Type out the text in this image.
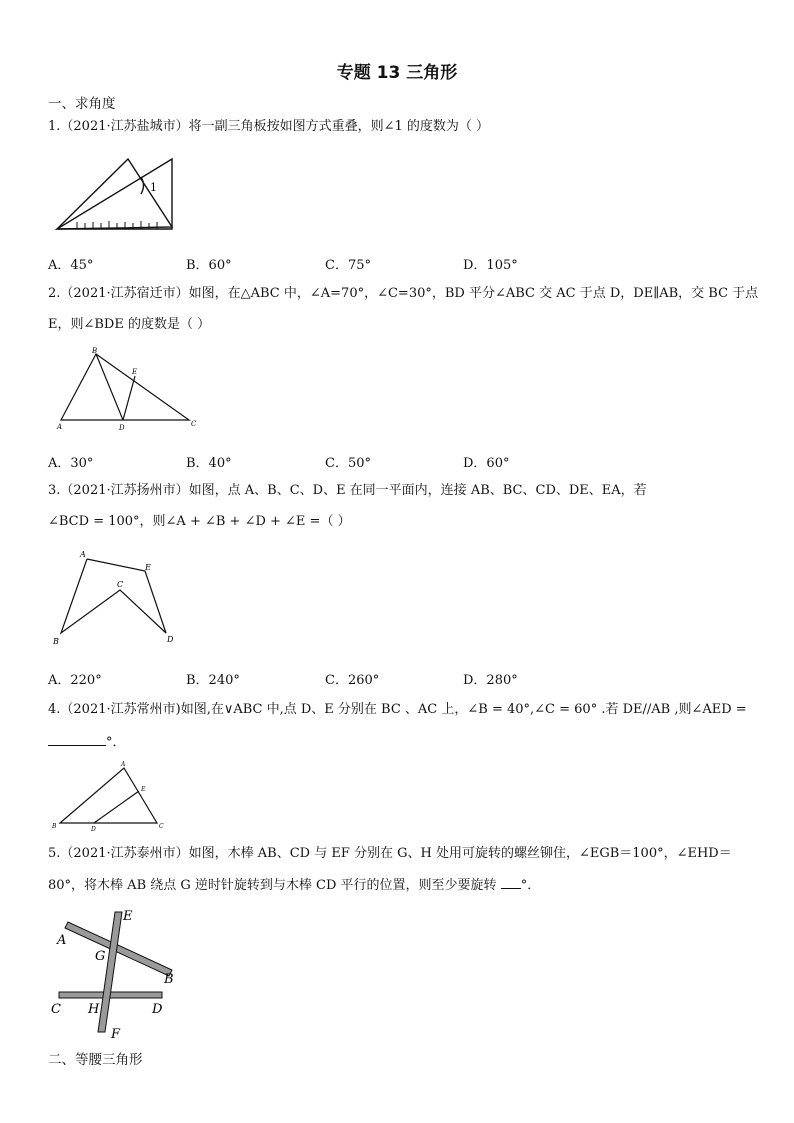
专题 13 三角形
一、求角度
1.（2021·江苏盐城市）将一副三角板按如图方式重叠，则∠1 的度数为（ ）
1
A．45°	B．60°	C．75°	D．105°
2.（2021·江苏宿迁市）如图，在△ABC 中，∠A=70°，∠C=30°，BD 平分∠ABC 交 AC 于点 D，DE∥AB，交 BC 于点
E，则∠BDE 的度数是（ ）
B
E
A	D	C
A．30°	B．40°	C．50°	D．60°
3.（2021·江苏扬州市）如图，点 A、B、C、D、E 在同一平面内，连接 AB、BC、CD、DE、EA，若
∠BCD = 100°，则∠A + ∠B + ∠D + ∠E =（ ）
A
E
C
B	D
A．220°	B．240°	C．260°	D．280°
4.（2021·江苏常州市)如图,在∨ABC 中,点 D、E 分别在 BC 、AC 上，∠B = 40°,∠C = 60° .若 DE//AB ,则∠AED =
°．
A
E
B	D	C
5.（2021·江苏泰州市）如图，木棒 AB、CD 与 EF 分别在 G、H 处用可旋转的螺丝铆住，∠EGB＝100°，∠EHD＝
80°，将木棒 AB 绕点 G 逆时针旋转到与木棒 CD 平行的位置，则至少要旋转 °．
E
A
G
B
C H	D
F
二、等腰三角形
